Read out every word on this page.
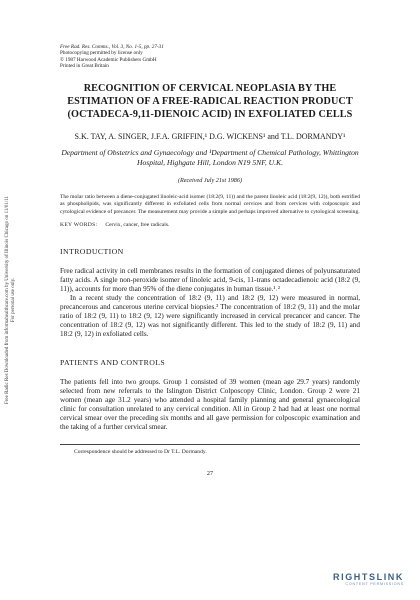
Free Radic Res Downloaded from informahealthcare.com by University of Illinois Chicago on 11/01/11 For personal use only.
Free Rad. Res. Comms., Vol. 3, No. 1-5, pp. 27-31
Photocopying permitted by license only
© 1987 Harwood Academic Publishers GmbH
Printed in Great Britain
RECOGNITION OF CERVICAL NEOPLASIA BY THE ESTIMATION OF A FREE-RADICAL REACTION PRODUCT (OCTADECA-9,11-DIENOIC ACID) IN EXFOLIATED CELLS
S.K. TAY, A. SINGER, J.F.A. GRIFFIN,¹ D.G. WICKENS¹ and T.L. DORMANDY¹
Department of Obstetrics and Gynaecology and ¹Department of Chemical Pathology, Whittington Hospital, Highgate Hill, London N19 5NF, U.K.
(Received July 21st 1986)
The molar ratio between a diene-conjugated linoleic-acid isomer (18:2(9, 11)) and the parent linoleic acid (18:2(9, 12)), both estrified as phospholipids, was significantly different in exfoliated cells from normal cervices and from cervices with colposcopic and cytological evidence of precancer. The measurement may provide a simple and perhaps improved alternative to cytological screening.
KEY WORDS: Cervix, cancer, free radicals.
INTRODUCTION

Free radical activity in cell membranes results in the formation of conjugated dienes of polyunsaturated fatty acids. A single non-peroxide isomer of linoleic acid, 9-cis, 11-trans octadecadienoic acid (18:2 (9, 11)), accounts for more than 95% of the diene conjugates in human tissue.¹˒²

In a recent study the concentration of 18:2 (9, 11) and 18:2 (9, 12) were measured in normal, precancerous and cancerous uterine cervical biopsies.³ The concentration of 18:2 (9, 11) and the molar ratio of 18:2 (9, 11) to 18:2 (9, 12) were significantly increased in cervical precancer and cancer. The concentration of 18:2 (9, 12) was not significantly different. This led to the study of 18:2 (9, 11) and 18:2 (9, 12) in exfoliated cells.

PATIENTS AND CONTROLS

The patients fell into two groups. Group 1 consisted of 39 women (mean age 29.7 years) randomly selected from new referrals to the Islington District Colposcopy Clinic, London. Group 2 were 21 women (mean age 31.2 years) who attended a hospital family planning and general gynaecological clinic for consultation unrelated to any cervical condition. All in Group 2 had had at least one normal cervical smear over the preceding six months and all gave permission for colposcopic examination and the taking of a further cervical smear.

Correspondence should be addressed to Dr T.L. Dormandy.
27
RIGHTSLINK
CONTENT PERMISSIONS
